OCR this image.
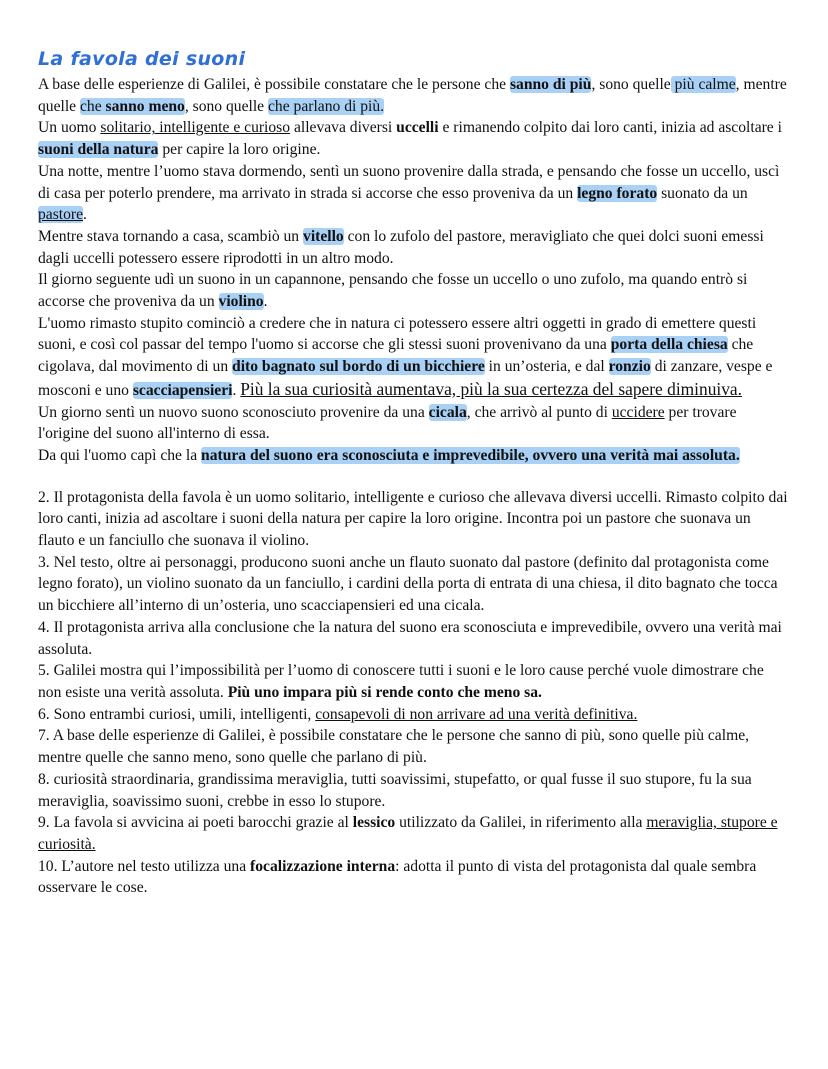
La favola dei suoni

A base delle esperienze di Galilei, è possibile constatare che le persone che sanno di più, sono quelle più calme, mentre quelle che sanno meno, sono quelle che parlano di più.

Un uomo solitario, intelligente e curioso allevava diversi uccelli e rimanendo colpito dai loro canti, inizia ad ascoltare i suoni della natura per capire la loro origine.

Una notte, mentre l’uomo stava dormendo, sentì un suono provenire dalla strada, e pensando che fosse un uccello, uscì di casa per poterlo prendere, ma arrivato in strada si accorse che esso proveniva da un legno forato suonato da un pastore.

Mentre stava tornando a casa, scambiò un vitello con lo zufolo del pastore, meravigliato che quei dolci suoni emessi dagli uccelli potessero essere riprodotti in un altro modo.

Il giorno seguente udì un suono in un capannone, pensando che fosse un uccello o uno zufolo, ma quando entrò si accorse che proveniva da un violino.

L'uomo rimasto stupito cominciò a credere che in natura ci potessero essere altri oggetti in grado di emettere questi suoni, e così col passar del tempo l'uomo si accorse che gli stessi suoni provenivano da una porta della chiesa che cigolava, dal movimento di un dito bagnato sul bordo di un bicchiere in un’osteria, e dal ronzio di zanzare, vespe e mosconi e uno scacciapensieri. Più la sua curiosità aumentava, più la sua certezza del sapere diminuiva.

Un giorno sentì un nuovo suono sconosciuto provenire da una cicala, che arrivò al punto di uccidere per trovare l'origine del suono all'interno di essa.

Da qui l'uomo capì che la natura del suono era sconosciuta e imprevedibile, ovvero una verità mai assoluta.

2. Il protagonista della favola è un uomo solitario, intelligente e curioso che allevava diversi uccelli. Rimasto colpito dai loro canti, inizia ad ascoltare i suoni della natura per capire la loro origine. Incontra poi un pastore che suonava un flauto e un fanciullo che suonava il violino.

3. Nel testo, oltre ai personaggi, producono suoni anche un flauto suonato dal pastore (definito dal protagonista come legno forato), un violino suonato da un fanciullo, i cardini della porta di entrata di una chiesa, il dito bagnato che tocca un bicchiere all’interno di un’osteria, uno scacciapensieri ed una cicala.

4. Il protagonista arriva alla conclusione che la natura del suono era sconosciuta e imprevedibile, ovvero una verità mai assoluta.

5. Galilei mostra qui l’impossibilità per l’uomo di conoscere tutti i suoni e le loro cause perché vuole dimostrare che non esiste una verità assoluta. Più uno impara più si rende conto che meno sa.

6. Sono entrambi curiosi, umili, intelligenti, consapevoli di non arrivare ad una verità definitiva.

7. A base delle esperienze di Galilei, è possibile constatare che le persone che sanno di più, sono quelle più calme, mentre quelle che sanno meno, sono quelle che parlano di più.

8. curiosità straordinaria, grandissima meraviglia, tutti soavissimi, stupefatto, or qual fusse il suo stupore, fu la sua meraviglia, soavissimo suoni, crebbe in esso lo stupore.

9. La favola si avvicina ai poeti barocchi grazie al lessico utilizzato da Galilei, in riferimento alla meraviglia, stupore e curiosità.

10. L’autore nel testo utilizza una focalizzazione interna: adotta il punto di vista del protagonista dal quale sembra osservare le cose.
